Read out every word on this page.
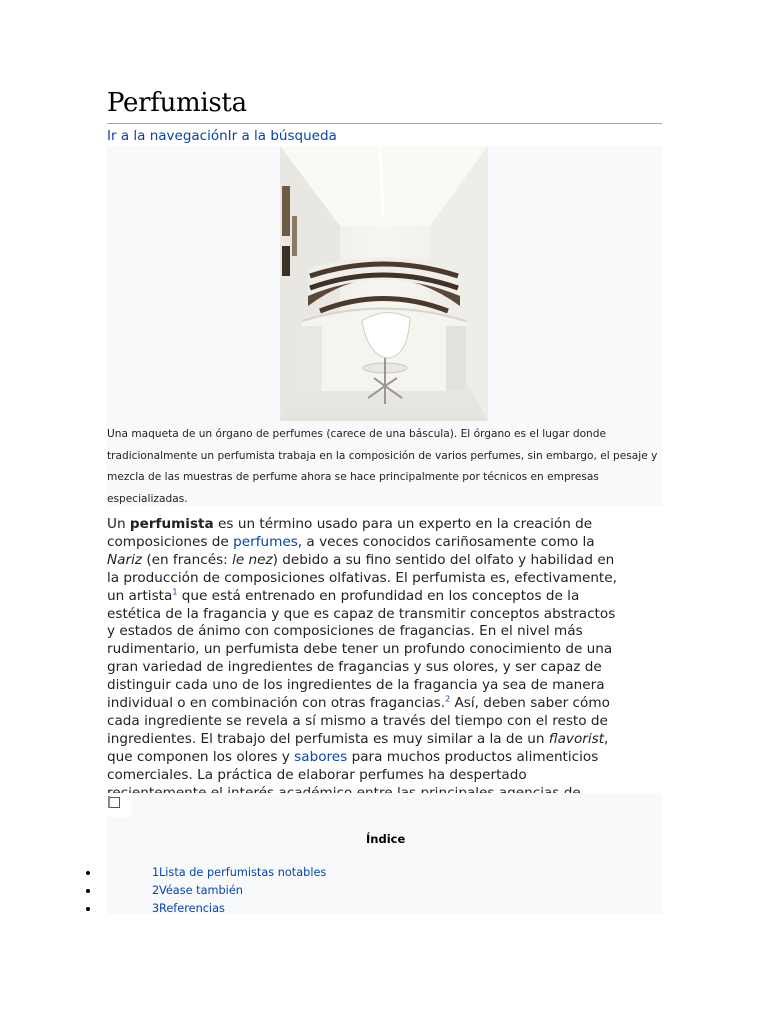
Perfumista
Ir a la navegaciónIr a la búsqueda
Una maqueta de un órgano de perfumes (carece de una báscula). El órgano es el lugar donde tradicionalmente un perfumista trabaja en la composición de varios perfumes, sin embargo, el pesaje y mezcla de las muestras de perfume ahora se hace principalmente por técnicos en empresas especializadas.
Un perfumista es un término usado para un experto en la creación de composiciones de perfumes, a veces conocidos cariñosamente como la Nariz (en francés: le nez) debido a su fino sentido del olfato y habilidad en la producción de composiciones olfativas. El perfumista es, efectivamente, un artista$^1$ que está entrenado en profundidad en los conceptos de la estética de la fragancia y que es capaz de transmitir conceptos abstractos y estados de ánimo con composiciones de fragancias. En el nivel más rudimentario, un perfumista debe tener un profundo conocimiento de una gran variedad de ingredientes de fragancias y sus olores, y ser capaz de distinguir cada uno de los ingredientes de la fragancia ya sea de manera individual o en combinación con otras fragancias.$^2$ Así, deben saber cómo cada ingrediente se revela a sí mismo a través del tiempo con el resto de ingredientes. El trabajo del perfumista es muy similar a la de un flavorist, que componen los olores y sabores para muchos productos alimenticios comerciales. La práctica de elaborar perfumes ha despertado
Índice
1 Lista de perfumistas notables
2 Véase también
3 Referencias
